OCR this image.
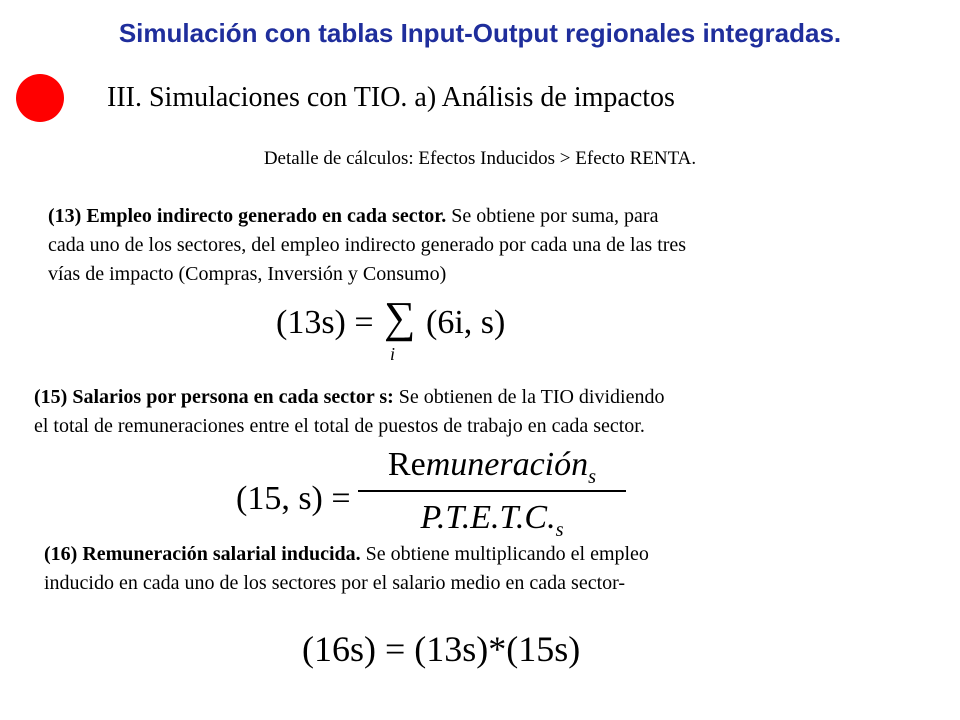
Simulación con tablas Input-Output regionales integradas.
III. Simulaciones con TIO. a) Análisis de impactos
Detalle de cálculos: Efectos Inducidos > Efecto RENTA.
(13) Empleo indirecto generado en cada sector. Se obtiene por suma, para
cada uno de los sectores, del empleo indirecto generado por cada una de las tres
vías de impacto (Compras, Inversión y Consumo)
(13s) = ∑
i
(6i, s)
(15) Salarios por persona en cada sector s: Se obtienen de la TIO dividiendo
el total de remuneraciones entre el total de puestos de trabajo en cada sector.
(15, s) =
Remuneración$_s$
$P.T.E.T.C._s$
(16) Remuneración salarial inducida. Se obtiene multiplicando el empleo
inducido en cada uno de los sectores por el salario medio en cada sector-
(16s) = (13s)*(15s)
